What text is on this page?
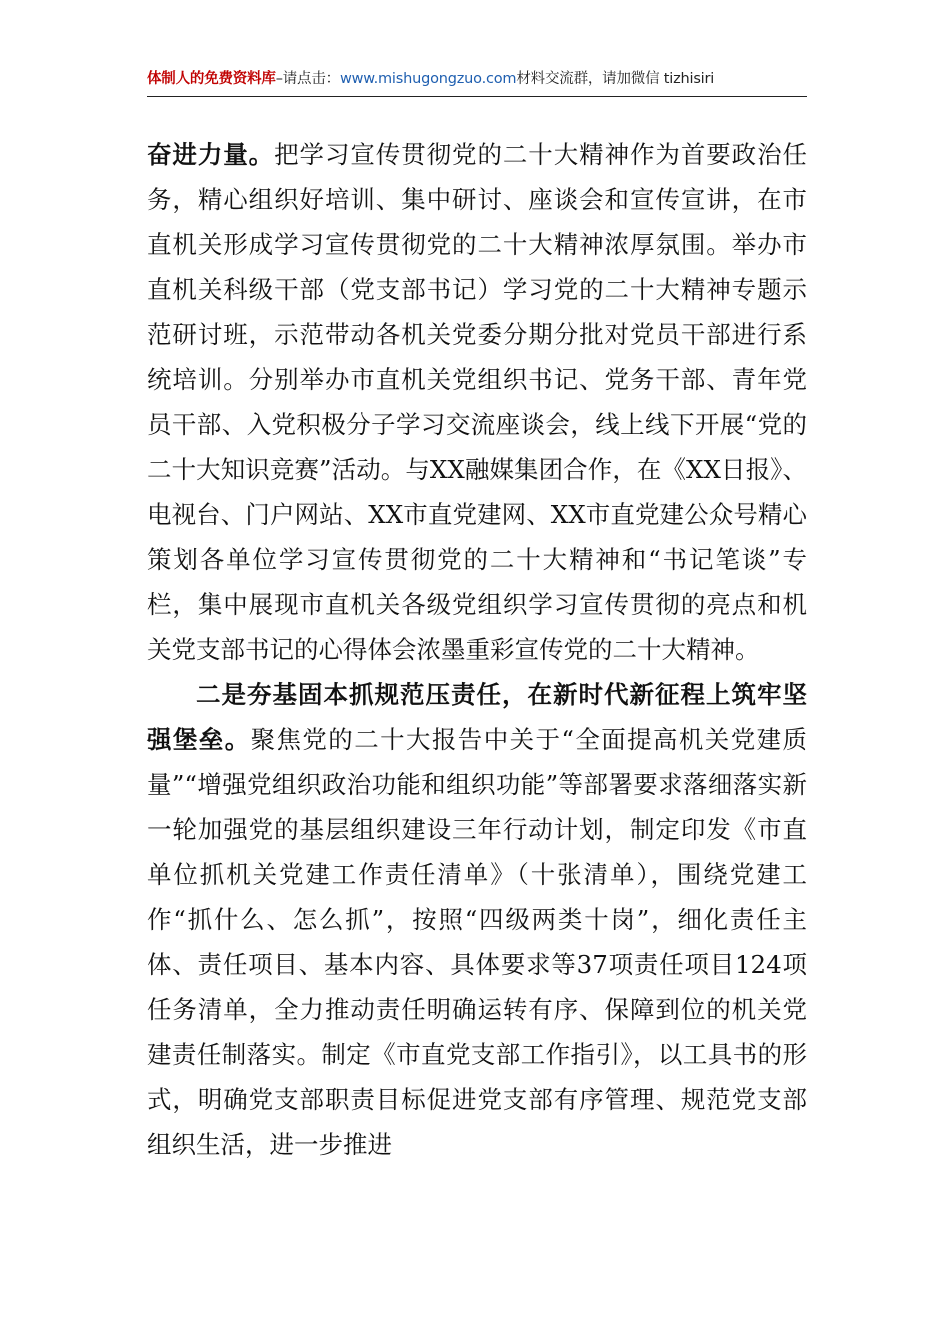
体制人的免费资料库–请点击：www.mishugongzuo.com材料交流群，请加微信 tizhisiri

奋进力量。把学习宣传贯彻党的二十大精神作为首要政治任务，精心组织好培训、集中研讨、座谈会和宣传宣讲，在市直机关形成学习宣传贯彻党的二十大精神浓厚氛围。举办市直机关科级干部（党支部书记）学习党的二十大精神专题示范研讨班，示范带动各机关党委分期分批对党员干部进行系统培训。分别举办市直机关党组织书记、党务干部、青年党员干部、入党积极分子学习交流座谈会，线上线下开展“党的二十大知识竞赛”活动。与XX融媒集团合作，在《XX日报》、电视台、门户网站、XX市直党建网、XX市直党建公众号精心策划各单位学习宣传贯彻党的二十大精神和“书记笔谈”专栏，集中展现市直机关各级党组织学习宣传贯彻的亮点和机关党支部书记的心得体会浓墨重彩宣传党的二十大精神。

二是夯基固本抓规范压责任，在新时代新征程上筑牢坚强堡垒。聚焦党的二十大报告中关于“全面提高机关党建质量”“增强党组织政治功能和组织功能”等部署要求落细落实新一轮加强党的基层组织建设三年行动计划，制定印发《市直单位抓机关党建工作责任清单》（十张清单），围绕党建工作“抓什么、怎么抓”，按照“四级两类十岗”，细化责任主体、责任项目、基本内容、具体要求等37项责任项目124项任务清单，全力推动责任明确运转有序、保障到位的机关党建责任制落实。制定《市直党支部工作指引》，以工具书的形式，明确党支部职责目标促进党支部有序管理、规范党支部组织生活，进一步推进
